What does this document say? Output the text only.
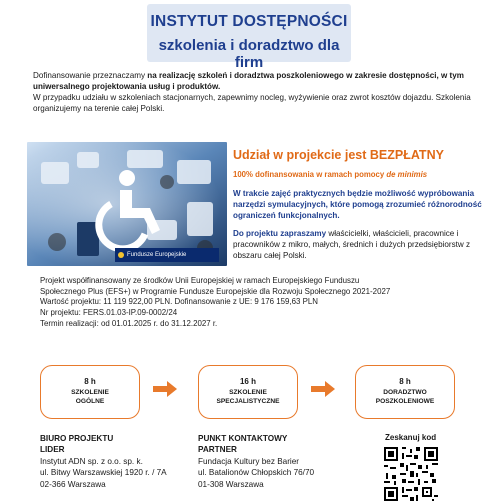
INSTYTUT DOSTĘPNOŚCI
szkolenia i doradztwo dla firm

Dofinansowanie przeznaczamy na realizację szkoleń i doradztwa poszkoleniowego w zakresie dostępności, w tym uniwersalnego projektowania usług i produktów.

W przypadku udziału w szkoleniach stacjonarnych, zapewnimy nocleg, wyżywienie oraz zwrot kosztów dojazdu. Szkolenia organizujemy na terenie całej Polski.

Fundusze Europejskie

Udział w projekcie jest BEZPŁATNY

100% dofinansowania w ramach pomocy de minimis
W trakcie zajęć praktycznych będzie możliwość wypróbowania narzędzi symulacyjnych, które pomogą zrozumieć różnorodność ograniczeń funkcjonalnych.
Do projektu zapraszamy właścicielki, właścicieli, pracownice i pracowników z mikro, małych, średnich i dużych przedsiębiorstw z obszaru całej Polski.
Projekt współfinansowany ze środków Unii Europejskiej w ramach Europejskiego Funduszu
Społecznego Plus (EFS+) w Programie Fundusze Europejskie dla Rozwoju Społecznego 2021-2027
Wartość projektu: 11 119 922,00 PLN. Dofinansowanie z UE: 9 176 159,63 PLN
Nr projektu: FERS.01.03-IP.09-0002/24
Termin realizacji: od 01.01.2025 r. do 31.12.2027 r.
8 h
SZKOLENIE
OGÓLNE
16 h
SZKOLENIE
SPECJALISTYCZNE
8 h
DORADZTWO
POSZKOLENIOWE
BIURO PROJEKTU
LIDER
Instytut ADN sp. z o.o. sp. k.
ul. Bitwy Warszawskiej 1920 r. / 7A
02-366 Warszawa
PUNKT KONTAKTOWY
PARTNER
Fundacja Kultury bez Barier
ul. Batalionów Chłopskich 76/70
01-308 Warszawa
Zeskanuj kod
